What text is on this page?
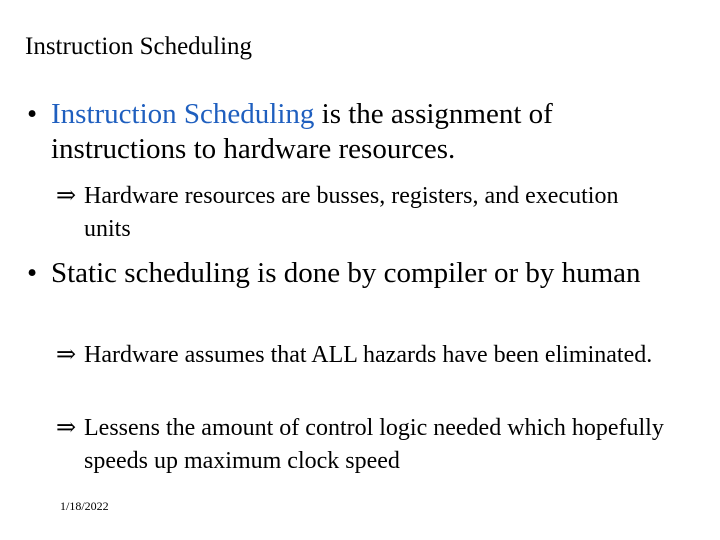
Instruction Scheduling
• Instruction Scheduling is the assignment of instructions to hardware resources.
⇒ Hardware resources are busses, registers, and execution units
• Static scheduling is done by compiler or by human
⇒ Hardware assumes that ALL hazards have been eliminated.
⇒ Lessens the amount of control logic needed which hopefully speeds up maximum clock speed
1/18/2022
